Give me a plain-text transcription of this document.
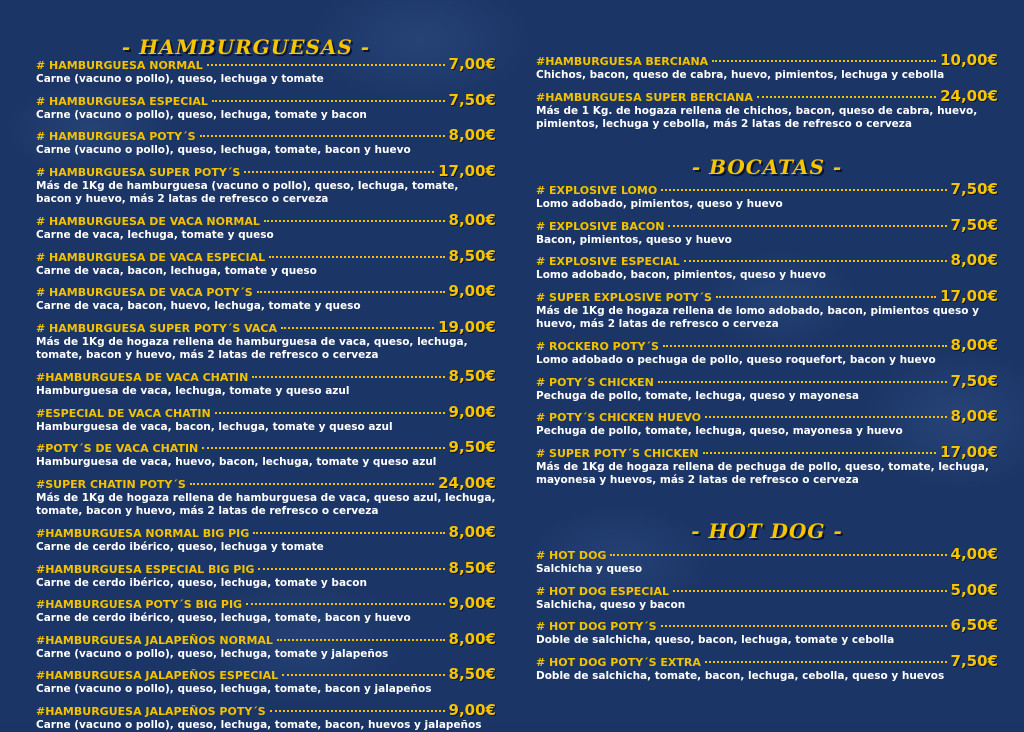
- HAMBURGUESAS -
# HAMBURGUESA NORMAL	7,00€
Carne (vacuno o pollo), queso, lechuga y tomate
# HAMBURGUESA ESPECIAL	7,50€
Carne (vacuno o pollo), queso, lechuga, tomate y bacon
# HAMBURGUESA POTY´S	8,00€
Carne (vacuno o pollo), queso, lechuga, tomate, bacon y huevo
# HAMBURGUESA SUPER POTY´S	17,00€
Más de 1Kg de hamburguesa (vacuno o pollo), queso, lechuga, tomate, bacon y huevo, más 2 latas de refresco o cerveza
# HAMBURGUESA DE VACA NORMAL	8,00€
Carne de vaca, lechuga, tomate y queso
# HAMBURGUESA DE VACA ESPECIAL	8,50€
Carne de vaca, bacon, lechuga, tomate y queso
# HAMBURGUESA DE VACA POTY´S	9,00€
Carne de vaca, bacon, huevo, lechuga, tomate y queso
# HAMBURGUESA SUPER POTY´S VACA	19,00€
Más de 1Kg de hogaza rellena de hamburguesa de vaca, queso, lechuga, tomate, bacon y huevo, más 2 latas de refresco o cerveza
#HAMBURGUESA DE VACA CHATIN	8,50€
Hamburguesa de vaca, lechuga, tomate y queso azul
#ESPECIAL DE VACA CHATIN	9,00€
Hamburguesa de vaca, bacon, lechuga, tomate y queso azul
#POTY´S DE VACA CHATIN	9,50€
Hamburguesa de vaca, huevo, bacon, lechuga, tomate y queso azul
#SUPER CHATIN POTY´S	24,00€
Más de 1Kg de hogaza rellena de hamburguesa de vaca, queso azul, lechuga, tomate, bacon y huevo, más 2 latas de refresco o cerveza
#HAMBURGUESA NORMAL BIG PIG	8,00€
Carne de cerdo ibérico, queso, lechuga y tomate
#HAMBURGUESA ESPECIAL BIG PIG	8,50€
Carne de cerdo ibérico, queso, lechuga, tomate y bacon
#HAMBURGUESA POTY´S BIG PIG	9,00€
Carne de cerdo ibérico, queso, lechuga, tomate, bacon y huevo
#HAMBURGUESA JALAPEÑOS NORMAL	8,00€
Carne (vacuno o pollo), queso, lechuga, tomate y jalapeños
#HAMBURGUESA JALAPEÑOS ESPECIAL	8,50€
Carne (vacuno o pollo), queso, lechuga, tomate, bacon y jalapeños
#HAMBURGUESA JALAPEÑOS POTY´S	9,00€
Carne (vacuno o pollo), queso, lechuga, tomate, bacon, huevos y jalapeños
#HAMBURGUESA BERCIANA	10,00€
Chichos, bacon, queso de cabra, huevo, pimientos, lechuga y cebolla
#HAMBURGUESA SUPER BERCIANA	24,00€
Más de 1 Kg. de hogaza rellena de chichos, bacon, queso de cabra, huevo, pimientos, lechuga y cebolla, más 2 latas de refresco o cerveza
- BOCATAS -
# EXPLOSIVE LOMO	7,50€
Lomo adobado, pimientos, queso y huevo
# EXPLOSIVE BACON	7,50€
Bacon, pimientos, queso y huevo
# EXPLOSIVE ESPECIAL	8,00€
Lomo adobado, bacon, pimientos, queso y huevo
# SUPER EXPLOSIVE POTY´S	17,00€
Más de 1Kg de hogaza rellena de lomo adobado, bacon, pimientos queso y huevo, más 2 latas de refresco o cerveza
# ROCKERO POTY´S	8,00€
Lomo adobado o pechuga de pollo, queso roquefort, bacon y huevo
# POTY´S CHICKEN	7,50€
Pechuga de pollo, tomate, lechuga, queso y mayonesa
# POTY´S CHICKEN HUEVO	8,00€
Pechuga de pollo, tomate, lechuga, queso, mayonesa y huevo
# SUPER POTY´S CHICKEN	17,00€
Más de 1Kg de hogaza rellena de pechuga de pollo, queso, tomate, lechuga, mayonesa y huevos, más 2 latas de refresco o cerveza
- HOT DOG -
# HOT DOG	4,00€
Salchicha y queso
# HOT DOG ESPECIAL	5,00€
Salchicha, queso y bacon
# HOT DOG POTY´S	6,50€
Doble de salchicha, queso, bacon, lechuga, tomate y cebolla
# HOT DOG POTY´S EXTRA	7,50€
Doble de salchicha, tomate, bacon, lechuga, cebolla, queso y huevos
